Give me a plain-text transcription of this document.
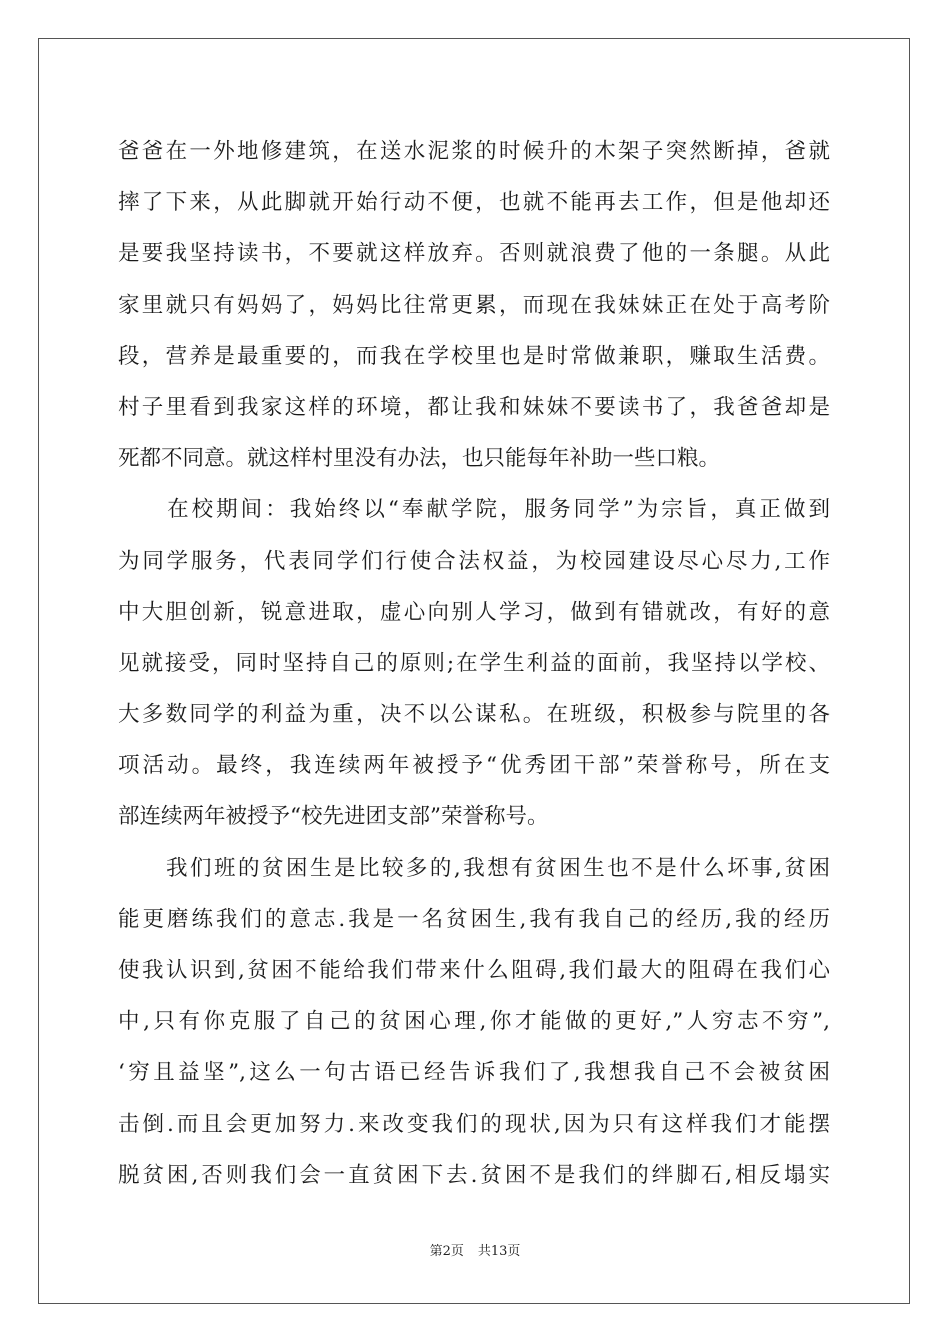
爸爸在一外地修建筑，在送水泥浆的时候升的木架子突然断掉，爸就
摔了下来，从此脚就开始行动不便，也就不能再去工作，但是他却还
是要我坚持读书，不要就这样放弃。否则就浪费了他的一条腿。从此
家里就只有妈妈了，妈妈比往常更累，而现在我妹妹正在处于高考阶
段，营养是最重要的，而我在学校里也是时常做兼职，赚取生活费。
村子里看到我家这样的环境，都让我和妹妹不要读书了，我爸爸却是
死都不同意。就这样村里没有办法，也只能每年补助一些口粮。
　　在校期间：我始终以“奉献学院，服务同学”为宗旨，真正做到
为同学服务，代表同学们行使合法权益，为校园建设尽心尽力,工作
中大胆创新，锐意进取，虚心向别人学习，做到有错就改，有好的意
见就接受，同时坚持自己的原则;在学生利益的面前，我坚持以学校、
大多数同学的利益为重，决不以公谋私。在班级，积极参与院里的各
项活动。最终，我连续两年被授予“优秀团干部”荣誉称号，所在支
部连续两年被授予“校先进团支部”荣誉称号。
　　我们班的贫困生是比较多的,我想有贫困生也不是什么坏事,贫困
能更磨练我们的意志.我是一名贫困生,我有我自己的经历,我的经历
使我认识到,贫困不能给我们带来什么阻碍,我们最大的阻碍在我们心
中,只有你克服了自己的贫困心理,你才能做的更好,”人穷志不穷”,
‘穷且益坚”,这么一句古语已经告诉我们了,我想我自己不会被贫困
击倒.而且会更加努力.来改变我们的现状,因为只有这样我们才能摆
脱贫困,否则我们会一直贫困下去.贫困不是我们的绊脚石,相反塌实
第2页 共13页
